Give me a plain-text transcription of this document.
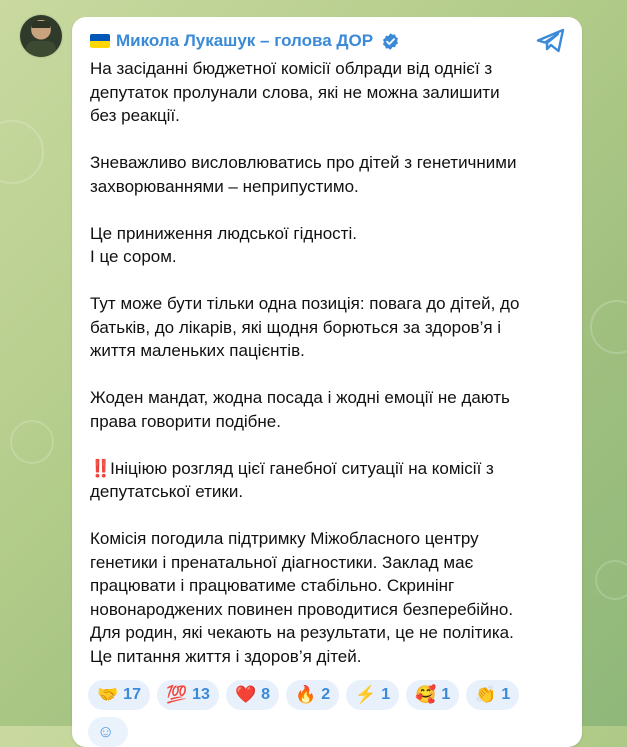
Микола Лукашук – голова ДОР

На засіданні бюджетної комісії облради від однієї з
депутаток пролунали слова, які не можна залишити
без реакції.

Зневажливо висловлюватись про дітей з генетичними
захворюваннями – неприпустимо.

Це приниження людської гідності.
І це сором.

Тут може бути тільки одна позиція: повага до дітей, до
батьків, до лікарів, які щодня борються за здоров’я і
життя маленьких пацієнтів.

Жоден мандат, жодна посада і жодні емоції не дають
права говорити подібне.

‼️Ініціюю розгляд цієї ганебної ситуації на комісії з
депутатської етики.

Комісія погодила підтримку Міжобласного центру
генетики і пренатальної діагностики. Заклад має
працювати і працюватиме стабільно. Скринінг
новонароджених повинен проводитися безперебійно.
Для родин, які чекають на результати, це не політика.
Це питання життя і здоров’я дітей.

🤝 17 💯 13 ❤️ 8 🔥 2 ⚡ 1 🥰 1 👏 1
☺
